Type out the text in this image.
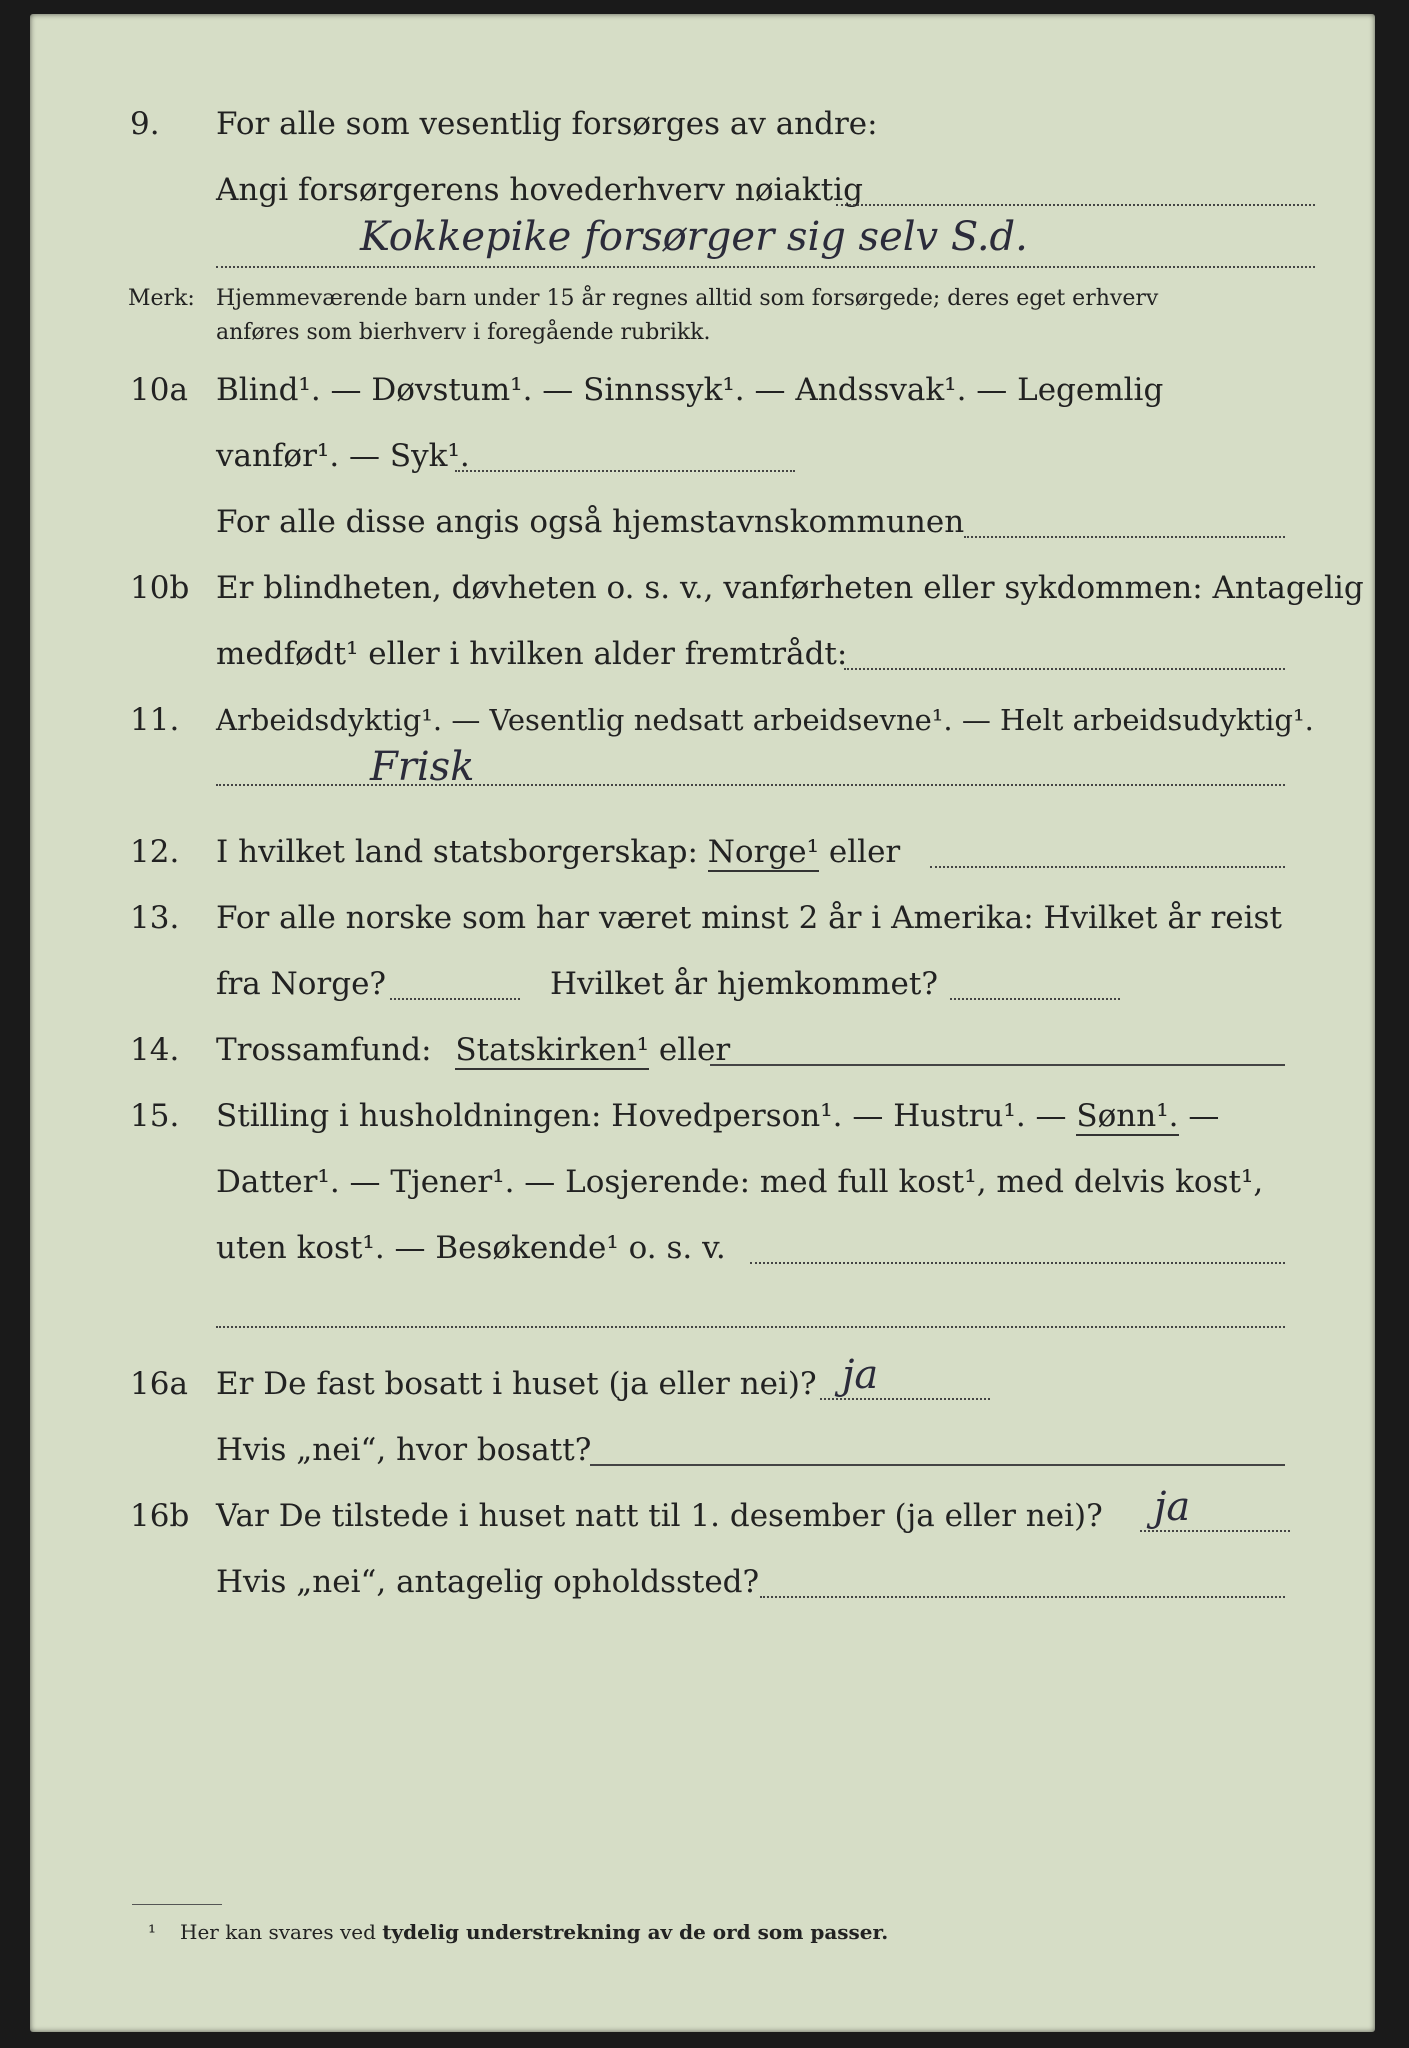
9.	For alle som vesentlig forsørges av andre:
Angi forsørgerens hovederhverv nøiaktig
Kokkepike forsørger sig selv S.d.
Merk: Hjemmeværende barn under 15 år regnes alltid som forsørgede; deres eget erhverv
anføres som bierhverv i foregående rubrikk.
10a Blind¹. — Døvstum¹. — Sinnssyk¹. — Andssvak¹. — Legemlig
vanfør¹. — Syk¹.
For alle disse angis også hjemstavnskommunen
10b Er blindheten, døvheten o. s. v., vanførheten eller sykdommen: Antagelig
medfødt¹ eller i hvilken alder fremtrådt:
11.	Arbeidsdyktig¹. — Vesentlig nedsatt arbeidsevne¹. — Helt arbeidsudyktig¹.
Frisk
12.	I hvilket land statsborgerskap: Norge¹ eller
13.	For alle norske som har været minst 2 år i Amerika: Hvilket år reist
fra Norge?	Hvilket år hjemkommet?
14.	Trossamfund: Statskirken¹ eller
15.	Stilling i husholdningen: Hovedperson¹. — Hustru¹. — Sønn¹. —
Datter¹. — Tjener¹. — Losjerende: med full kost¹, med delvis kost¹,
uten kost¹. — Besøkende¹ o. s. v.
16a Er De fast bosatt i huset (ja eller nei)? ja
Hvis „nei“, hvor bosatt?
16b Var De tilstede i huset natt til 1. desember (ja eller nei)?	ja
Hvis „nei“, antagelig opholdssted?
¹ Her kan svares ved tydelig understrekning av de ord som passer.
